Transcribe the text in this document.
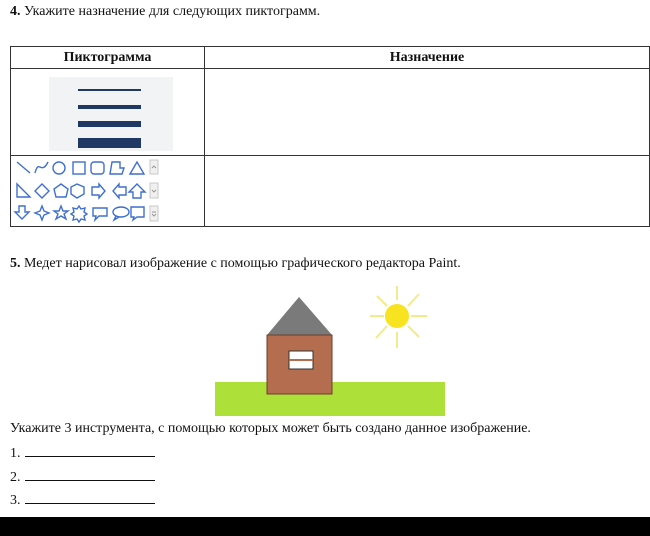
4. Укажите назначение для следующих пиктограмм.
Пиктограмма	Назначение

5. Медет нарисовал изображение с помощью графического редактора Paint.
Укажите 3 инструмента, с помощью которых может быть создано данное изображение.
1.
2.
3.
